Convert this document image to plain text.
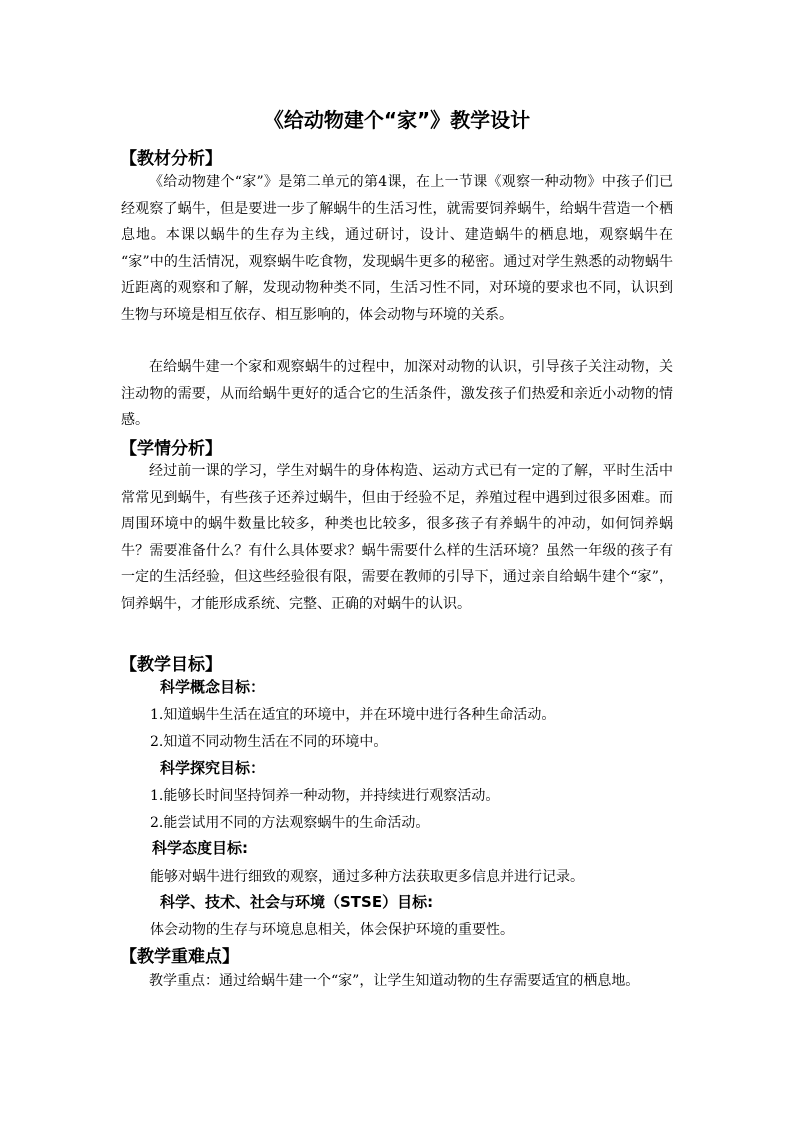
《给动物建个“家”》教学设计
【教材分析】
《给动物建个“家”》是第二单元的第4课，在上一节课《观察一种动物》中孩子们已经观察了蜗牛，但是要进一步了解蜗牛的生活习性，就需要饲养蜗牛，给蜗牛营造一个栖息地。本课以蜗牛的生存为主线，通过研讨，设计、建造蜗牛的栖息地，观察蜗牛在 “家”中的生活情况，观察蜗牛吃食物，发现蜗牛更多的秘密。通过对学生熟悉的动物蜗牛近距离的观察和了解，发现动物种类不同，生活习性不同，对环境的要求也不同，认识到生物与环境是相互依存、相互影响的，体会动物与环境的关系。
在给蜗牛建一个家和观察蜗牛的过程中，加深对动物的认识，引导孩子关注动物，关注动物的需要，从而给蜗牛更好的适合它的生活条件，激发孩子们热爱和亲近小动物的情感。
【学情分析】
经过前一课的学习，学生对蜗牛的身体构造、运动方式已有一定的了解，平时生活中常常见到蜗牛，有些孩子还养过蜗牛，但由于经验不足，养殖过程中遇到过很多困难。而周围环境中的蜗牛数量比较多，种类也比较多，很多孩子有养蜗牛的冲动，如何饲养蜗牛？需要准备什么？有什么具体要求？蜗牛需要什么样的生活环境？虽然一年级的孩子有一定的生活经验，但这些经验很有限，需要在教师的引导下，通过亲自给蜗牛建个“家”，饲养蜗牛，才能形成系统、完整、正确的对蜗牛的认识。
【教学目标】
科学概念目标：
1.知道蜗牛生活在适宜的环境中，并在环境中进行各种生命活动。
2.知道不同动物生活在不同的环境中。
科学探究目标：
1.能够长时间坚持饲养一种动物，并持续进行观察活动。
2.能尝试用不同的方法观察蜗牛的生命活动。
科学态度目标:
能够对蜗牛进行细致的观察，通过多种方法获取更多信息并进行记录。
科学、技术、社会与环境（STSE）目标:
体会动物的生存与环境息息相关，体会保护环境的重要性。
【教学重难点】
教学重点：通过给蜗牛建一个“家”，让学生知道动物的生存需要适宜的栖息地。
